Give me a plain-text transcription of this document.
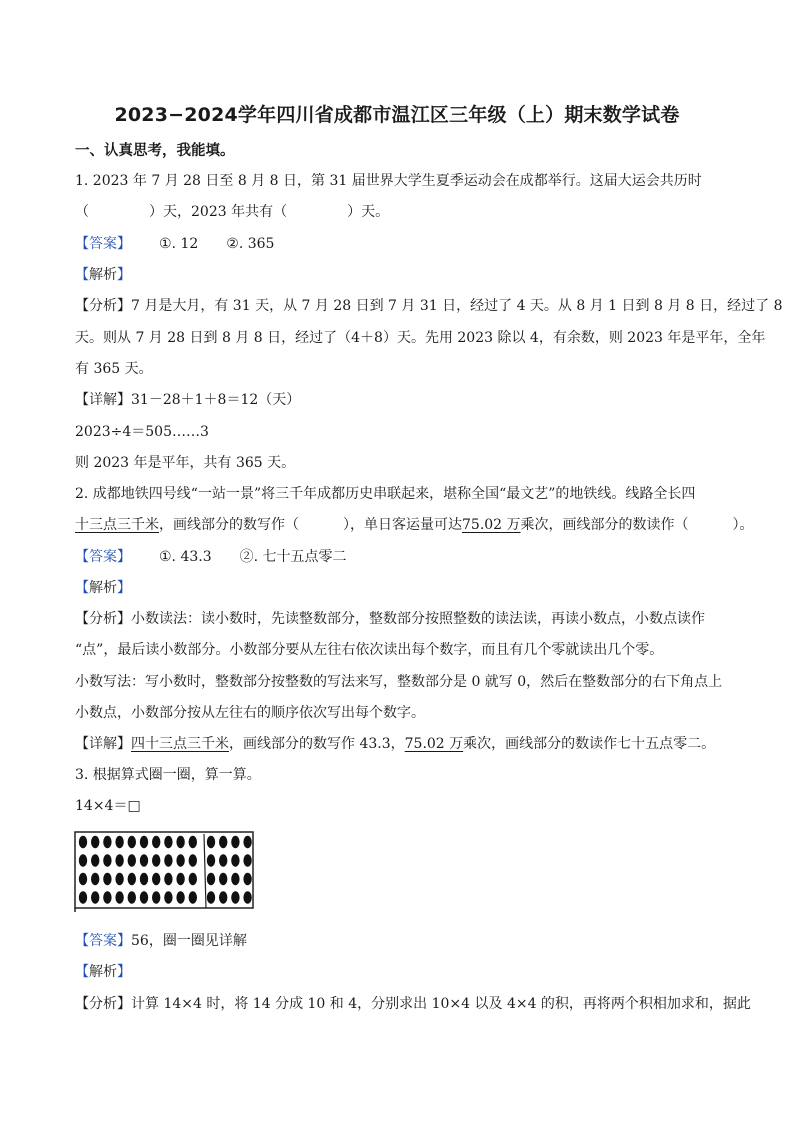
2023−2024学年四川省成都市温江区三年级（上）期末数学试卷
一、认真思考，我能填。
1. 2023 年 7 月 28 日至 8 月 8 日，第 31 届世界大学生夏季运动会在成都举行。这届大运会共历时
（	）天，2023 年共有（	）天。
【答案】 ①. 12 ②. 365
【解析】
【分析】7 月是大月，有 31 天，从 7 月 28 日到 7 月 31 日，经过了 4 天。从 8 月 1 日到 8 月 8 日，经过了 8
天。则从 7 月 28 日到 8 月 8 日，经过了（4＋8）天。先用 2023 除以 4，有余数，则 2023 年是平年，全年
有 365 天。
【详解】31－28＋1＋8＝12（天）
2023÷4＝505……3
则 2023 年是平年，共有 365 天。
2. 成都地铁四号线“一站一景”将三千年成都历史串联起来，堪称全国“最文艺”的地铁线。线路全长四
十三点三千米，画线部分的数写作（	），单日客运量可达75.02 万乘次，画线部分的数读作（	）。
【答案】 ①. 43.3 ②. 七十五点零二
【解析】
【分析】小数读法：读小数时，先读整数部分，整数部分按照整数的读法读，再读小数点，小数点读作
“点”，最后读小数部分。小数部分要从左往右依次读出每个数字，而且有几个零就读出几个零。
小数写法：写小数时，整数部分按整数的写法来写，整数部分是 0 就写 0，然后在整数部分的右下角点上
小数点，小数部分按从左往右的顺序依次写出每个数字。
【详解】四十三点三千米，画线部分的数写作 43.3，75.02 万乘次，画线部分的数读作七十五点零二。
3. 根据算式圈一圈，算一算。
14×4＝□
【答案】56，圈一圈见详解
【解析】
【分析】计算 14×4 时，将 14 分成 10 和 4，分别求出 10×4 以及 4×4 的积，再将两个积相加求和，据此
